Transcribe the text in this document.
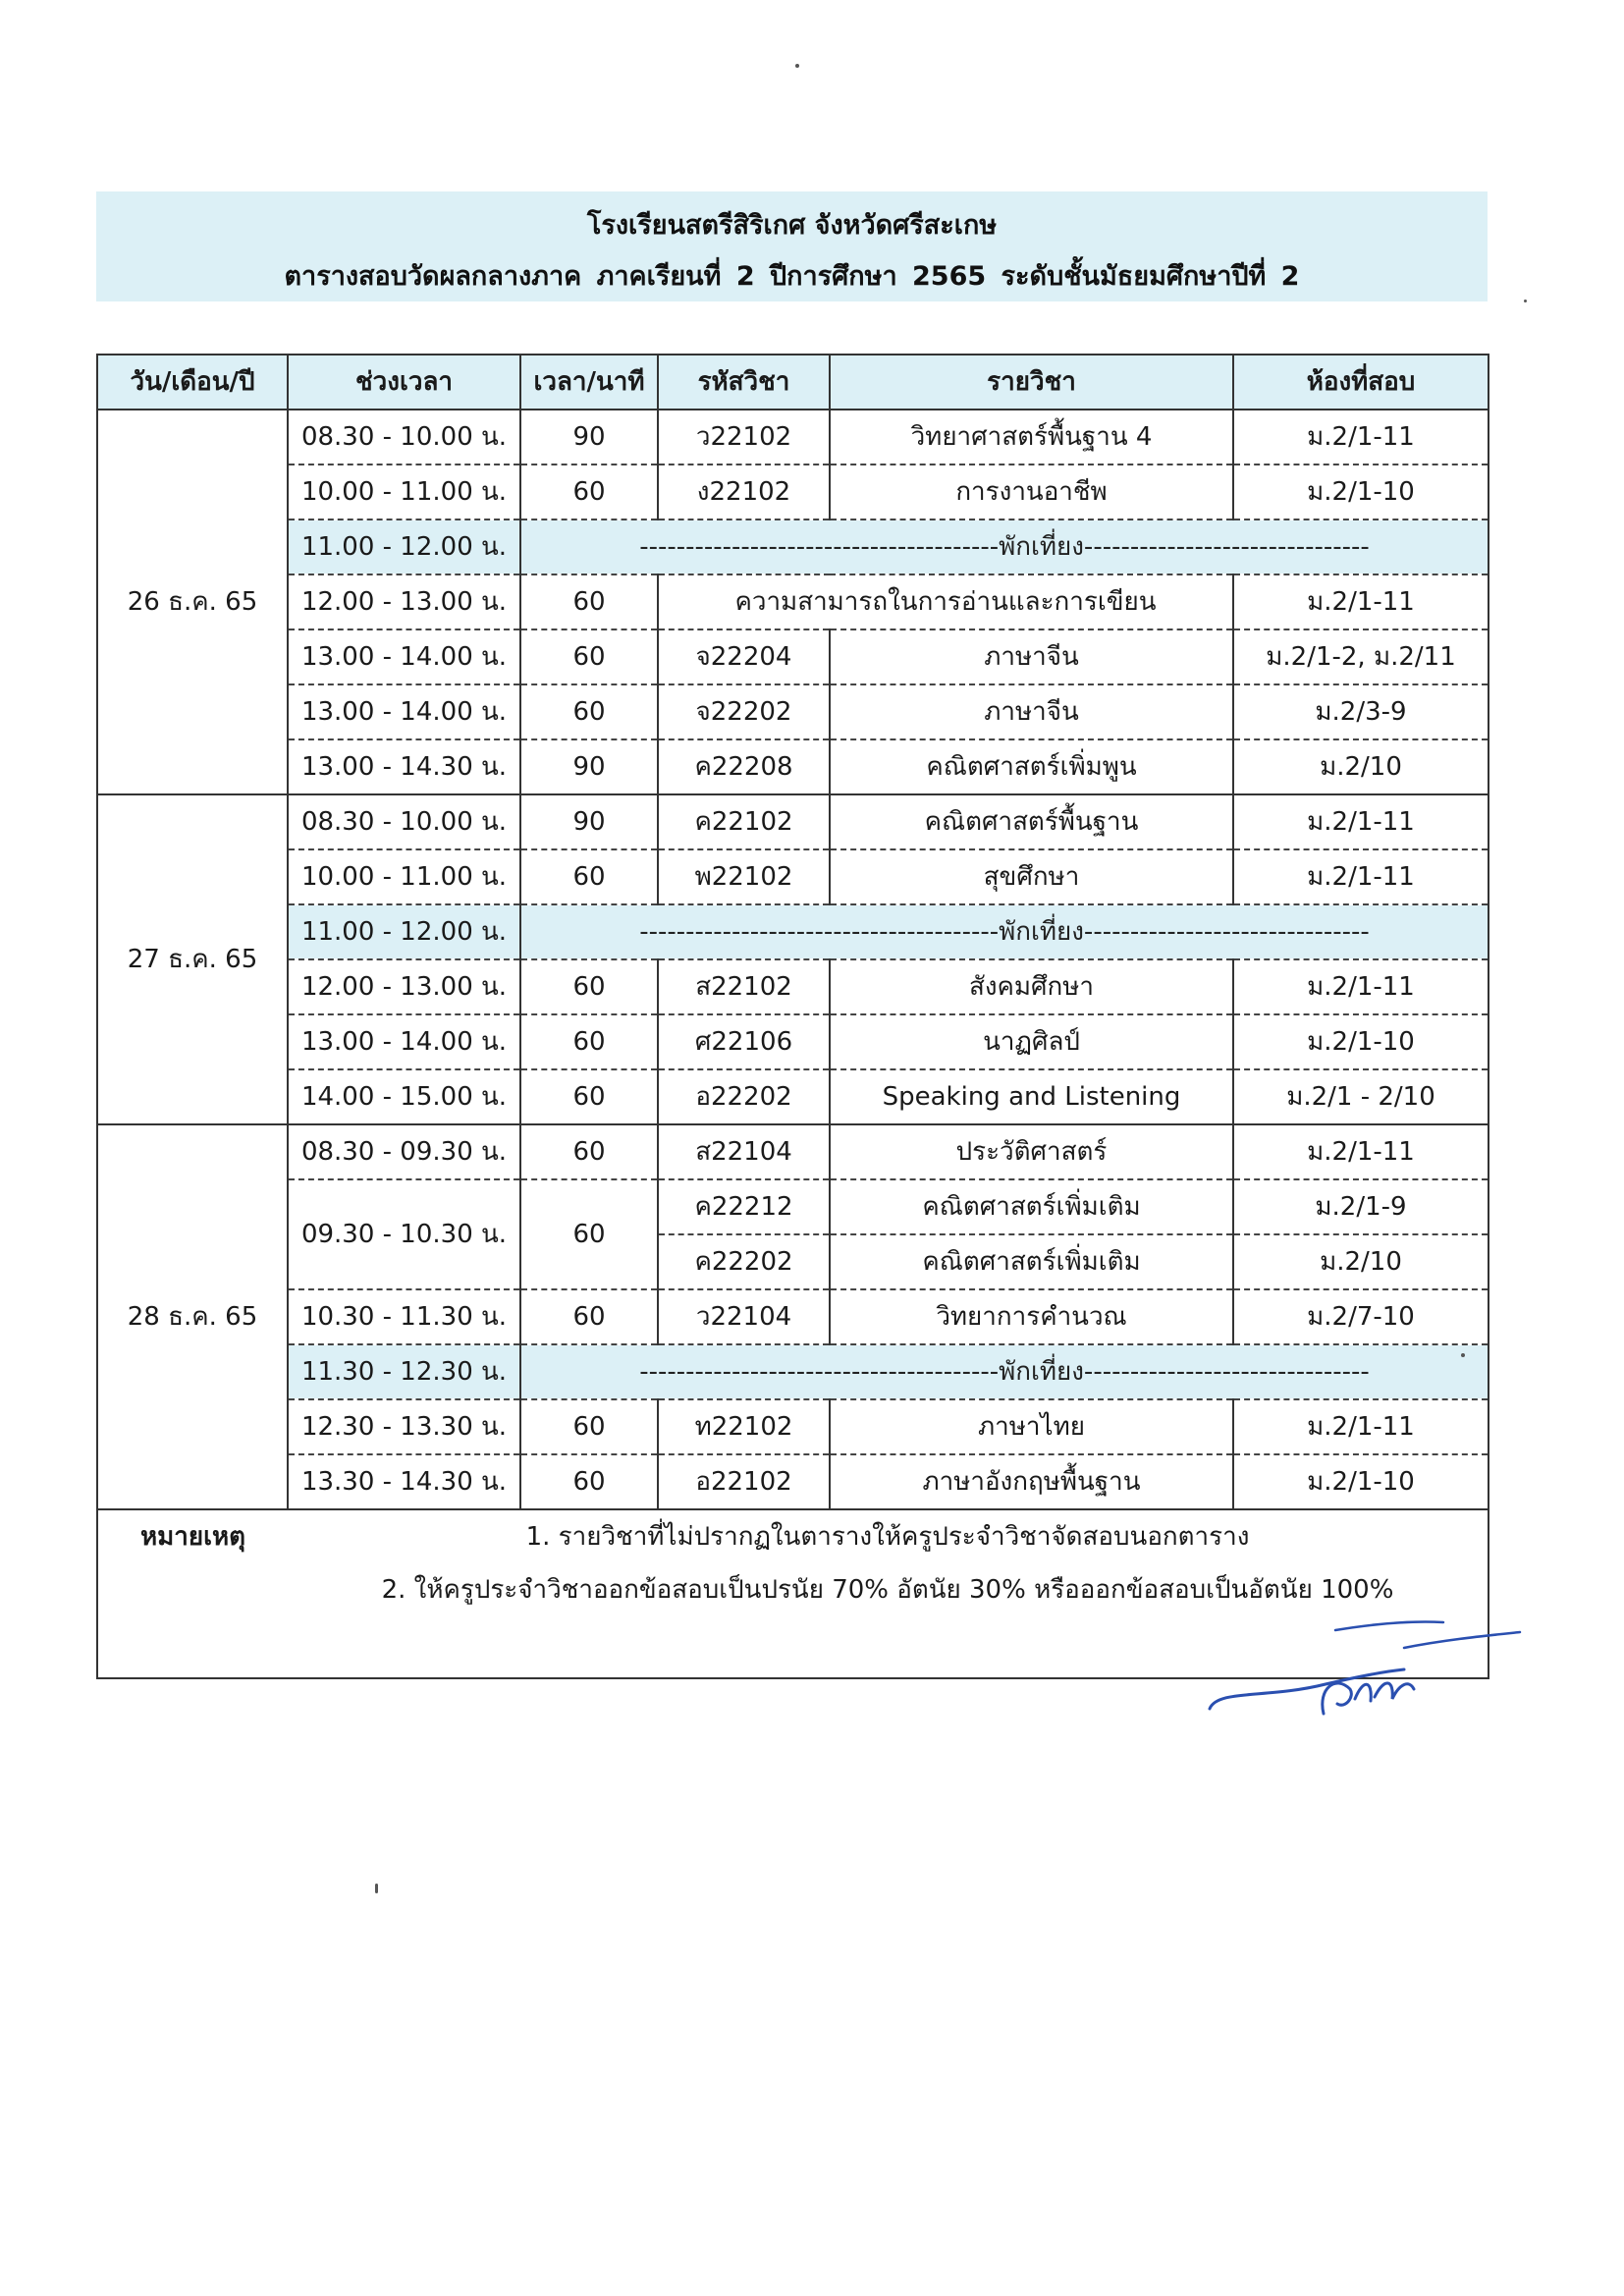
โรงเรียนสตรีสิริเกศ จังหวัดศรีสะเกษ
ตารางสอบวัดผลกลางภาค ภาคเรียนที่ 2 ปีการศึกษา 2565 ระดับชั้นมัธยมศึกษาปีที่ 2
วัน/เดือน/ปี	ช่วงเวลา	เวลา/นาที	รหัสวิชา	รายวิชา	ห้องที่สอบ
26 ธ.ค. 65	08.30 - 10.00 น.	90	ว22102	วิทยาศาสตร์พื้นฐาน 4	ม.2/1-11
	10.00 - 11.00 น.	60	ง22102	การงานอาชีพ	ม.2/1-10
	11.00 - 12.00 น.	---------------------------------------พักเที่ยง-------------------------------			
	12.00 - 13.00 น.	60	ความสามารถในการอ่านและการเขียน		ม.2/1-11
	13.00 - 14.00 น.	60	จ22204	ภาษาจีน	ม.2/1-2, ม.2/11
	13.00 - 14.00 น.	60	จ22202	ภาษาจีน	ม.2/3-9
	13.00 - 14.30 น.	90	ค22208	คณิตศาสตร์เพิ่มพูน	ม.2/10
27 ธ.ค. 65	08.30 - 10.00 น.	90	ค22102	คณิตศาสตร์พื้นฐาน	ม.2/1-11
	10.00 - 11.00 น.	60	พ22102	สุขศึกษา	ม.2/1-11
	11.00 - 12.00 น.	---------------------------------------พักเที่ยง-------------------------------			
	12.00 - 13.00 น.	60	ส22102	สังคมศึกษา	ม.2/1-11
	13.00 - 14.00 น.	60	ศ22106	นาฏศิลป์	ม.2/1-10
	14.00 - 15.00 น.	60	อ22202	Speaking and Listening	ม.2/1 - 2/10
28 ธ.ค. 65	08.30 - 09.30 น.	60	ส22104	ประวัติศาสตร์	ม.2/1-11
	09.30 - 10.30 น.	60	ค22212	คณิตศาสตร์เพิ่มเติม	ม.2/1-9
			ค22202	คณิตศาสตร์เพิ่มเติม	ม.2/10
	10.30 - 11.30 น.	60	ว22104	วิทยาการคำนวณ	ม.2/7-10
	11.30 - 12.30 น.	---------------------------------------พักเที่ยง-------------------------------			
	12.30 - 13.30 น.	60	ท22102	ภาษาไทย	ม.2/1-11
	13.30 - 14.30 น.	60	อ22102	ภาษาอังกฤษพื้นฐาน	ม.2/1-10
หมายเหตุ	1. รายวิชาที่ไม่ปรากฏในตารางให้ครูประจำวิชาจัดสอบนอกตาราง
2. ให้ครูประจำวิชาออกข้อสอบเป็นปรนัย 70% อัตนัย 30% หรือออกข้อสอบเป็นอัตนัย 100%				
